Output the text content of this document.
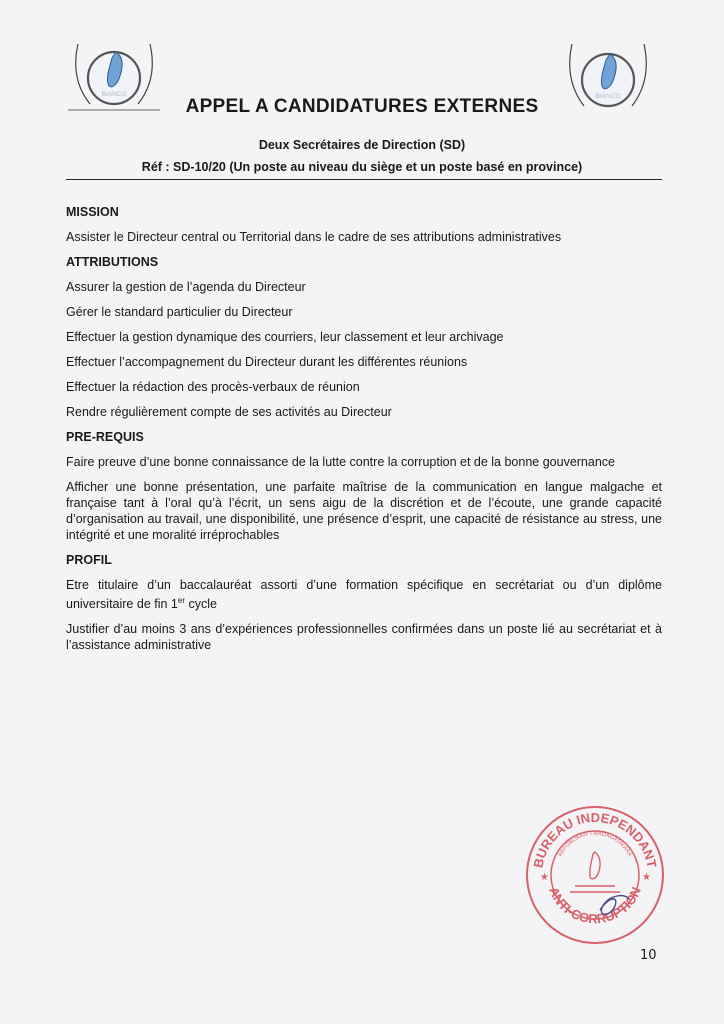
BIANCO	BIANCO
APPEL A CANDIDATURES EXTERNES
Deux Secrétaires de Direction (SD)
Réf : SD-10/20 (Un poste au niveau du siège et un poste basé en province)
MISSION
Assister le Directeur central ou Territorial dans le cadre de ses attributions administratives
ATTRIBUTIONS
Assurer la gestion de l’agenda du Directeur
Gérer le standard particulier du Directeur
Effectuer la gestion dynamique des courriers, leur classement et leur archivage
Effectuer l’accompagnement du Directeur durant les différentes réunions
Effectuer la rédaction des procès-verbaux de réunion
Rendre régulièrement compte de ses activités au Directeur
PRE-REQUIS
Faire preuve d’une bonne connaissance de la lutte contre la corruption et de la bonne gouvernance
Afficher une bonne présentation, une parfaite maîtrise de la communication en langue malgache et française tant à l’oral qu’à l’écrit, un sens aigu de la discrétion et de l’écoute, une grande capacité d’organisation au travail, une disponibilité, une présence d’esprit, une capacité de résistance au stress, une intégrité et une moralité irréprochables
PROFIL
Etre titulaire d’un baccalauréat assorti d’une formation spécifique en secrétariat ou d’un diplôme universitaire de fin 1er cycle
Justifier d’au moins 3 ans d’expériences professionnelles confirmées dans un poste lié au secrétariat et à l’assistance administrative
BUREAU INDEPENDANT
REPOBLIKAN’ I MADAGASIKARA
ANTI-CORRUPTION
★	★
10
